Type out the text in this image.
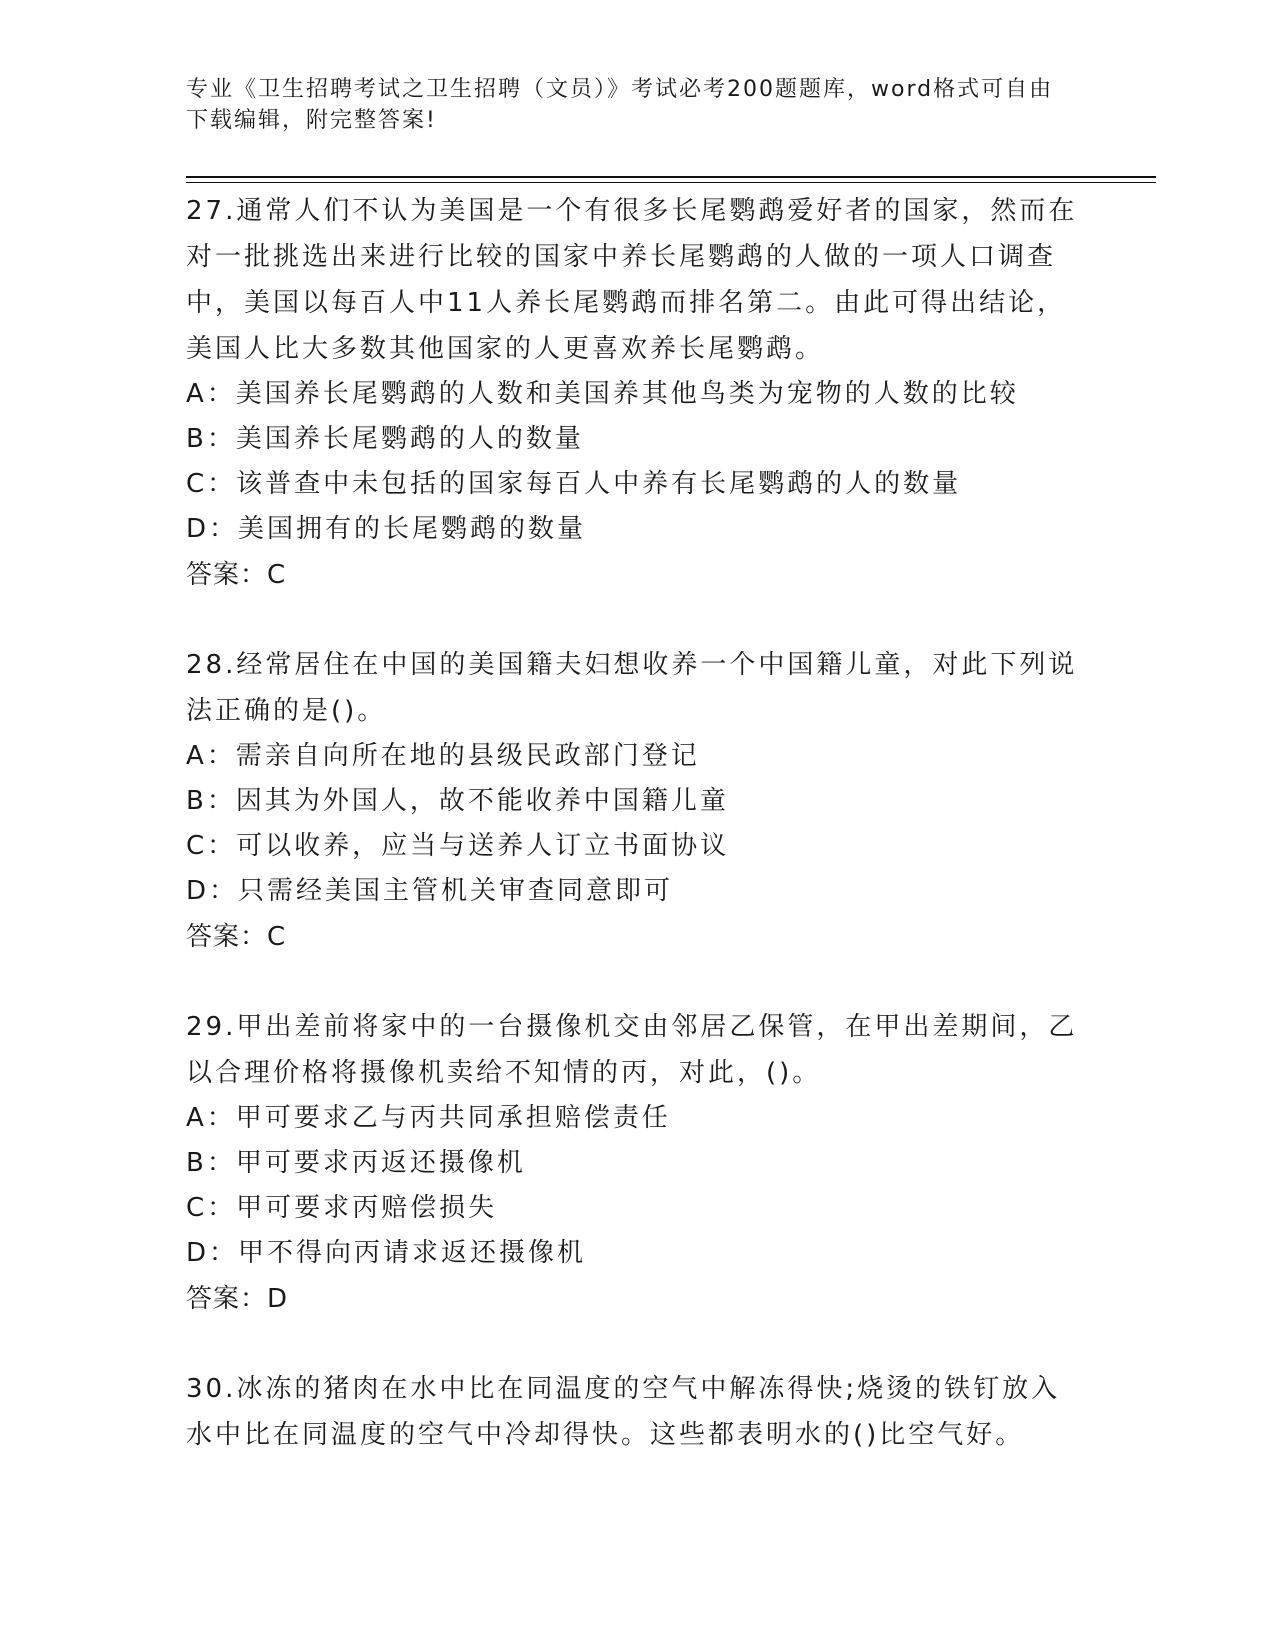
专业《卫生招聘考试之卫生招聘（文员）》考试必考200题题库，word格式可自由下载编辑，附完整答案!
27.通常人们不认为美国是一个有很多长尾鹦鹉爱好者的国家，然而在对一批挑选出来进行比较的国家中养长尾鹦鹉的人做的一项人口调查中，美国以每百人中11人养长尾鹦鹉而排名第二。由此可得出结论，美国人比大多数其他国家的人更喜欢养长尾鹦鹉。
A：美国养长尾鹦鹉的人数和美国养其他鸟类为宠物的人数的比较
B：美国养长尾鹦鹉的人的数量
C：该普查中未包括的国家每百人中养有长尾鹦鹉的人的数量
D：美国拥有的长尾鹦鹉的数量
答案：C
28.经常居住在中国的美国籍夫妇想收养一个中国籍儿童，对此下列说法正确的是()。
A：需亲自向所在地的县级民政部门登记
B：因其为外国人，故不能收养中国籍儿童
C：可以收养，应当与送养人订立书面协议
D：只需经美国主管机关审查同意即可
答案：C
29.甲出差前将家中的一台摄像机交由邻居乙保管，在甲出差期间，乙以合理价格将摄像机卖给不知情的丙，对此，()。
A：甲可要求乙与丙共同承担赔偿责任
B：甲可要求丙返还摄像机
C：甲可要求丙赔偿损失
D：甲不得向丙请求返还摄像机
答案：D
30.冰冻的猪肉在水中比在同温度的空气中解冻得快;烧烫的铁钉放入水中比在同温度的空气中冷却得快。这些都表明水的()比空气好。
